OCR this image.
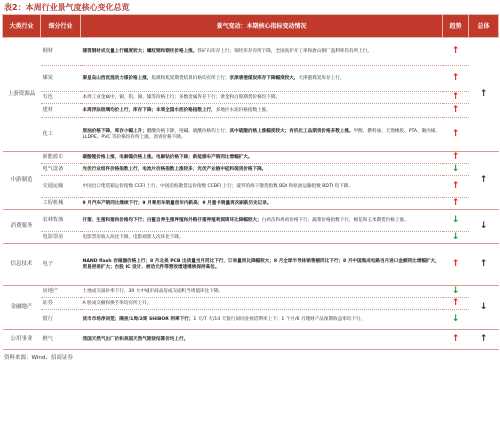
表2：本周行业景气度核心变化总览
大类行业	细分行业	景气变动：本期核心指标变动情况	趋势	总体
上游资源品	钢材	建筑钢材成交量上行幅度较大；螺纹钢和钢坯价格上涨。铁矿石库存上行；钢坯库存有所下降，全国高炉开工率和唐山钢厂盈利率均有所上行。	↑	↑
	煤炭	秦皇岛山西优混动力煤价格上涨，焦煤和焦炭期货结算价格均有所上行；京津唐港煤炭库存下降幅度较大，天津港煤炭库存上行。	↑	
	有色	本周工业金属中，铜、铝、锡、镍等价格上行；多数金属库存下行；黄金和白银期货价格均下降。	↑	
	建材	本周浮法玻璃均价上行，库存下降；本周全国水泥价格指数上行，多地区水泥价格指数上涨。	↑	
	化工	原油价格下降，库存小幅上升；醋酸价格下降，纯碱、硫酸价格均上行；其中硫酸价格上涨幅度较大；有机化工品期货价格多数上涨。甲醇、燃料油、天然橡胶、PTA、聚丙烯、LLDPE、PVC 等价格均有所上涨，沥青价格下降。	↑	
中游制造	新能源车	碳酸锂价格上涨，电解镍价格上涨。电解钴价格下降；新能源车产销同比增幅扩大。	↑	↑
	电气设备	光伏行业组件价格指数上行，电池片价格指数上涨较多；光伏产业链中硅料现货价格下降。	↓	
	交通运输	中国出口集装箱运价指数 CCFI 上行，中国沿海散货运价指数 CCBFI 上行；波罗的海干散货指数 BDI 和原油运输指数 BDTI 均下降。	↑	
	工程机械	9 月汽车产销同比继续下行；9 月乘用车销量创年内新高；9 月重卡销量再次刷新历史记录。	↑	
消费服务	农林牧渔	仔猪、生猪和猪肉价格均下行；白鲨自养生猪养殖和外购仔猪养殖利润周环比降幅较大；白鸡苗和鸡肉价格下行；蔬菜价格指数下行，棉花和玉米期货价格上涨。	↓	↓
	电影票房	电影票房收入环比下降，电影观影人次环比下降。	↓	
信息技术	电子	NAND flash 存储器价格上行；8 月北美 PCB 出货量当月同比下行，订单量同比降幅较大；8 月全球半导体销售额同比下行；8 月中国集成电路当月进口金额同比增幅扩大，贸易逆差扩大；台股 IC 设计、被动元件等营收增速继续保持高位。	↑	↑
金融地产	房地产	土地成交溢价率下行，30 大中城市商品房成交面积当周值环比下降。	↓	↓
	证券	A 股成交额和换手率均有所上升。	↑	
	银行	货币市场净回笼；隔夜/1周/2周 SHIBOR 利率下行；1 天/7 天/14 天银行间同业拆借利率上下；1 个月/6 月理财产品预期收益率均下行。	↓	
公用事业	燃气	我国天然气出厂价和美国天然气期货结算价均上行。	↑	↑
资料来源：Wind、招商证券
